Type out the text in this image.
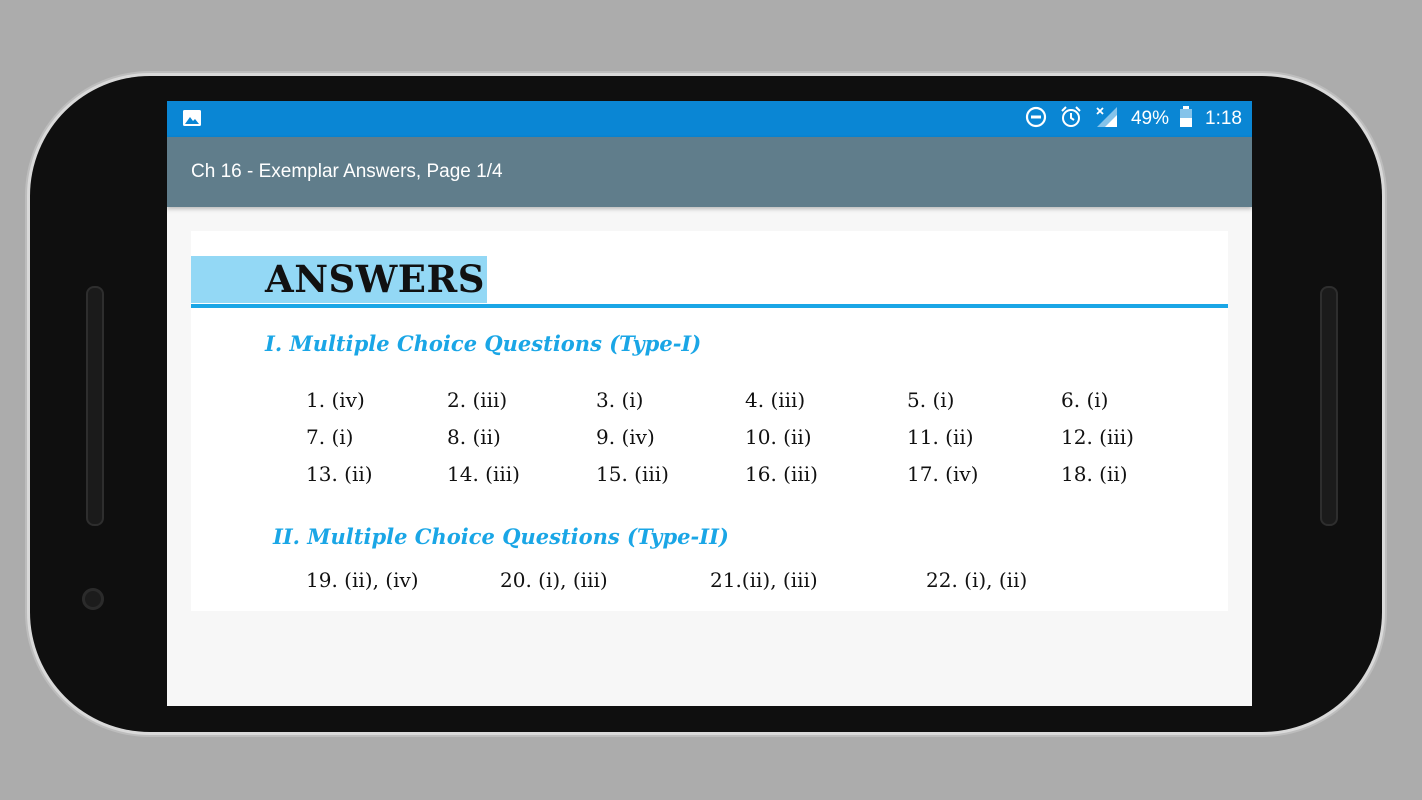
49% 1:18
Ch 16 - Exemplar Answers, Page 1/4
ANSWERS
I. Multiple Choice Questions (Type-I)
1. (iv)	2. (iii)	3. (i)	4. (iii)	5. (i)	6. (i)
7. (i)	8. (ii)	9. (iv)	10. (ii)	11. (ii)	12. (iii)
13. (ii)	14. (iii)	15. (iii)	16. (iii)	17. (iv)	18. (ii)
II. Multiple Choice Questions (Type-II)
19. (ii), (iv)	20. (i), (iii)	21.(ii), (iii)	22. (i), (ii)
